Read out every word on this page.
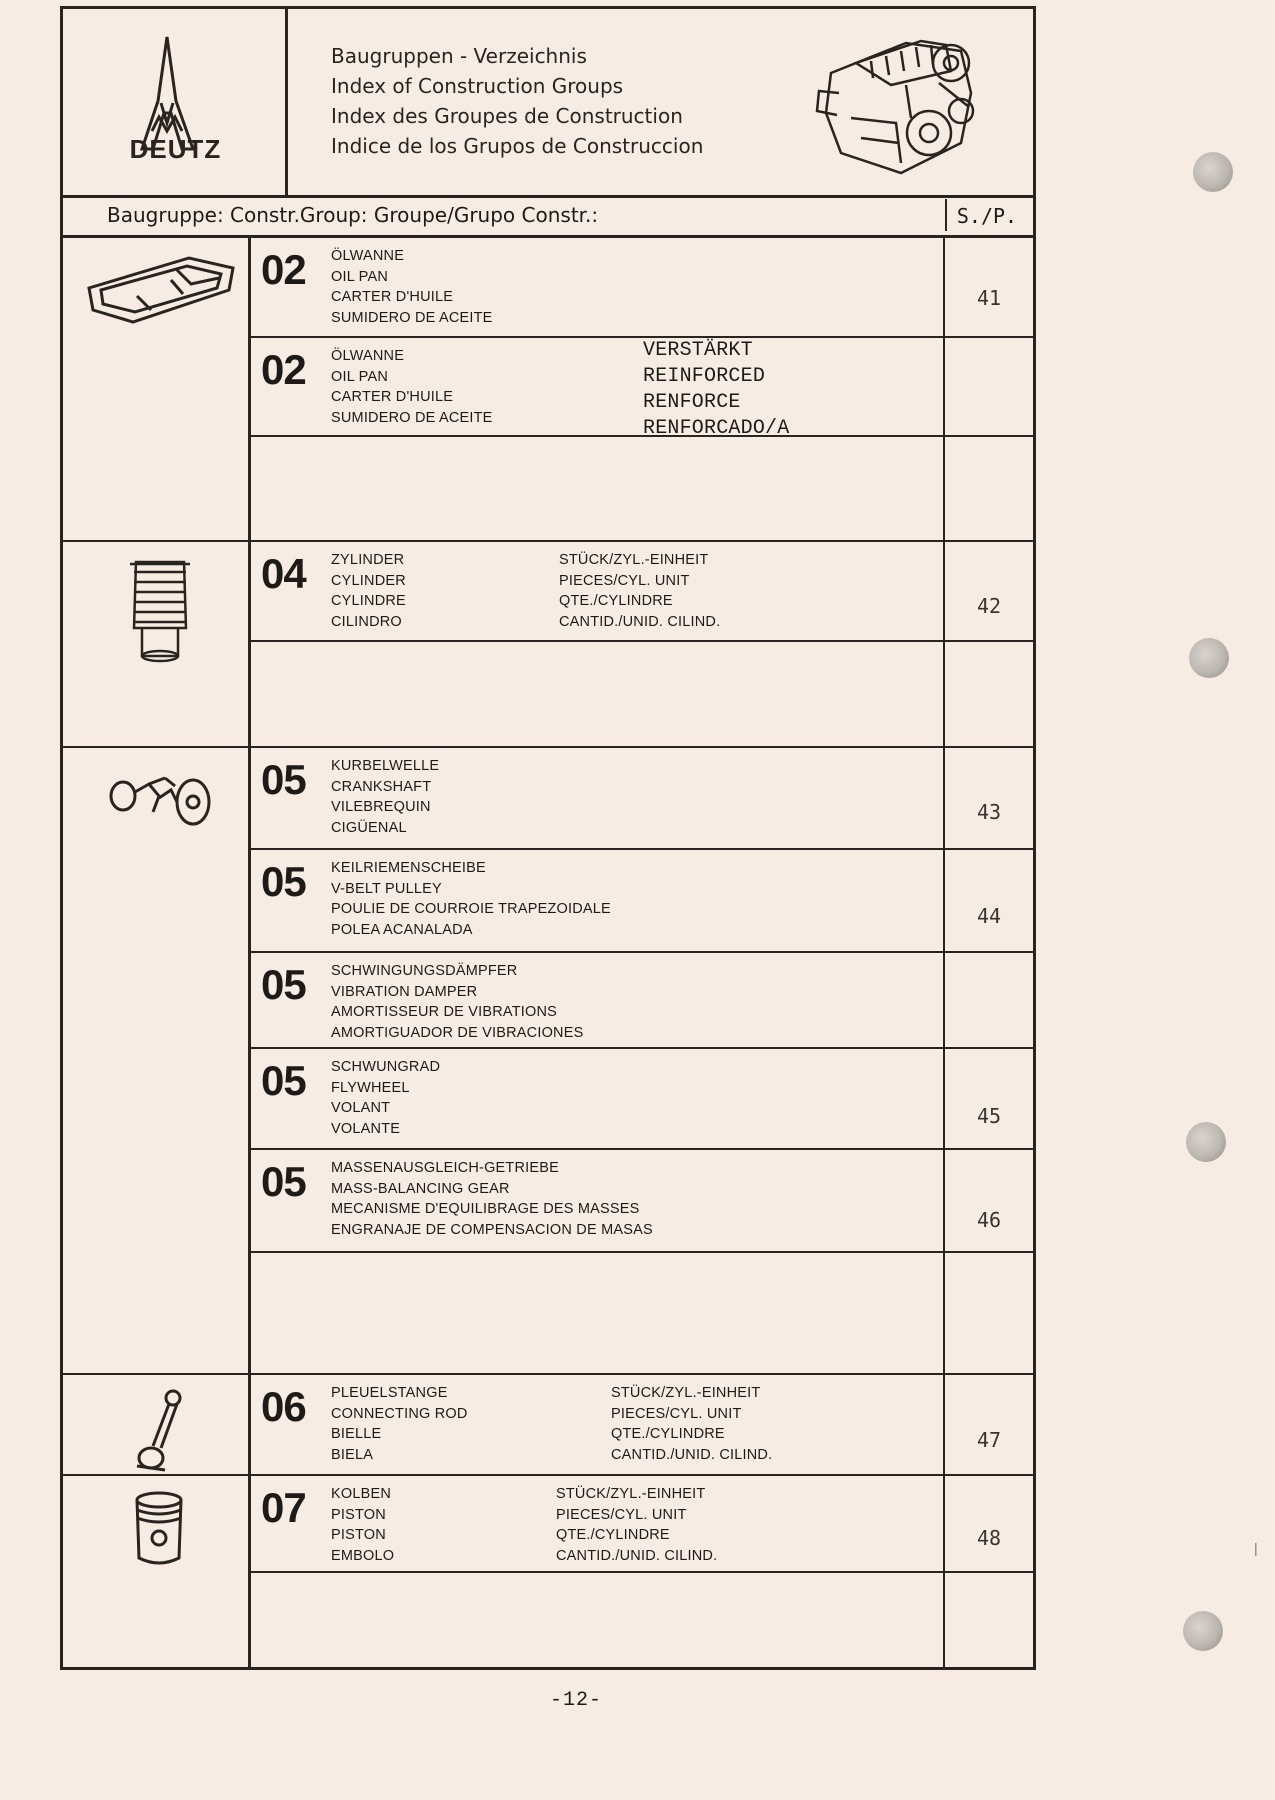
DEUTZ
Baugruppen - Verzeichnis
Index of Construction Groups
Index des Groupes de Construction
Indice de los Grupos de Construccion
Baugruppe: Constr.Group: Groupe/Grupo Constr.:	S./P.
02 ÖLWANNE
OIL PAN
CARTER D'HUILE
SUMIDERO DE ACEITE
41
02 ÖLWANNE
OIL PAN
CARTER D'HUILE
SUMIDERO DE ACEITE
VERSTÄRKT
REINFORCED
RENFORCE
RENFORCADO/A
04 ZYLINDER
CYLINDER
CYLINDRE
CILINDRO
STÜCK/ZYL.-EINHEIT
PIECES/CYL. UNIT
QTE./CYLINDRE
CANTID./UNID. CILIND.
42
05 KURBELWELLE
CRANKSHAFT
VILEBREQUIN
CIGÜENAL
43
05 KEILRIEMENSCHEIBE
V-BELT PULLEY
POULIE DE COURROIE TRAPEZOIDALE
POLEA ACANALADA
44
05 SCHWINGUNGSDÄMPFER
VIBRATION DAMPER
AMORTISSEUR DE VIBRATIONS
AMORTIGUADOR DE VIBRACIONES
05 SCHWUNGRAD
FLYWHEEL
VOLANT
VOLANTE
45
05 MASSENAUSGLEICH-GETRIEBE
MASS-BALANCING GEAR
MECANISME D'EQUILIBRAGE DES MASSES
ENGRANAJE DE COMPENSACION DE MASAS	46
06 PLEUELSTANGE
CONNECTING ROD
BIELLE
BIELA
STÜCK/ZYL.-EINHEIT
PIECES/CYL. UNIT
QTE./CYLINDRE
CANTID./UNID. CILIND.
47
07 KOLBEN
PISTON
PISTON
EMBOLO
STÜCK/ZYL.-EINHEIT
PIECES/CYL. UNIT
QTE./CYLINDRE
CANTID./UNID. CILIND.
48
-12-
|
